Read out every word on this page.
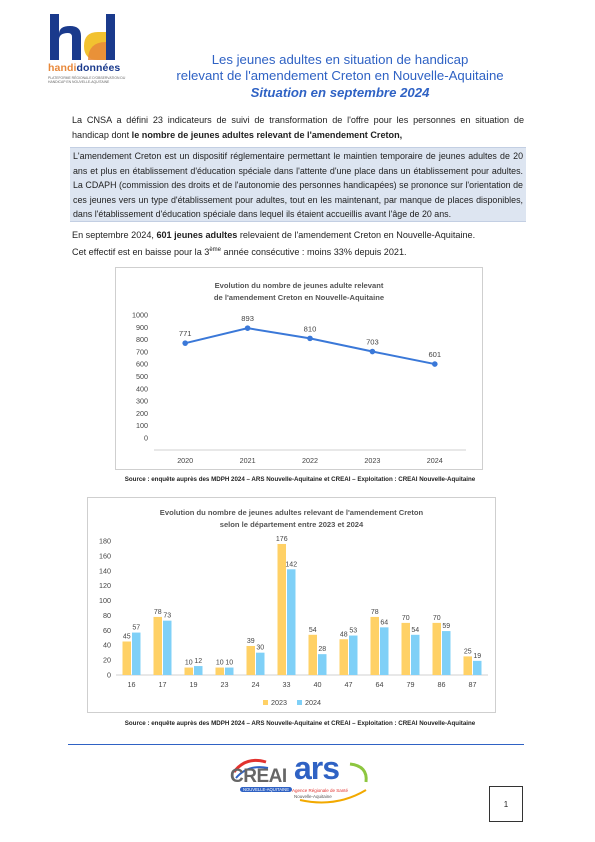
handidonnées
PLATEFORME RÉGIONALE D'OBSERVATION DU HANDICAP EN NOUVELLE-AQUITAINE
Les jeunes adultes en situation de handicap
relevant de l'amendement Creton en Nouvelle-Aquitaine
Situation en septembre 2024
La CNSA a défini 23 indicateurs de suivi de transformation de l'offre pour les personnes en situation de handicap dont le nombre de jeunes adultes relevant de l'amendement Creton,
L'amendement Creton est un dispositif réglementaire permettant le maintien temporaire de jeunes adultes de 20 ans et plus en établissement d'éducation spéciale dans l'attente d'une place dans un établissement pour adultes. La CDAPH (commission des droits et de l'autonomie des personnes handicapées) se prononce sur l'orientation de ces jeunes vers un type d'établissement pour adultes, tout en les maintenant, par manque de places disponibles, dans l'établissement d'éducation spéciale dans lequel ils étaient accueillis avant l'âge de 20 ans.
En septembre 2024, 601 jeunes adultes relevaient de l'amendement Creton en Nouvelle-Aquitaine.
Cet effectif est en baisse pour la 3ème année consécutive : moins 33% depuis 2021.
Evolution du nombre de jeunes adulte relevant
de l'amendement Creton en Nouvelle-Aquitaine
0
100
200
300
400
500
600
700
800
900
1000
771
2020
893
2021
810
2022
703
2023
601
2024
Source : enquête auprès des MDPH 2024 – ARS Nouvelle-Aquitaine et CREAI – Exploitation : CREAI Nouvelle-Aquitaine
Evolution du nombre de jeunes adultes relevant de l'amendement Creton
selon le département entre 2023 et 2024
0
20
40
60
80
100
120
140
160
180
45
57
16
78
73
17
10 12
19
10 10
23
39
30
24
176
142
33
54
28
40
48
53
47
78
64
64
70
54
79
70
59
86
25
19
87
2023	2024
Source : enquête auprès des MDPH 2024 – ARS Nouvelle-Aquitaine et CREAI – Exploitation : CREAI Nouvelle-Aquitaine
CREAI
NOUVELLE-AQUITAINE
ars
Agence Régionale de Santé
Nouvelle-Aquitaine
1
